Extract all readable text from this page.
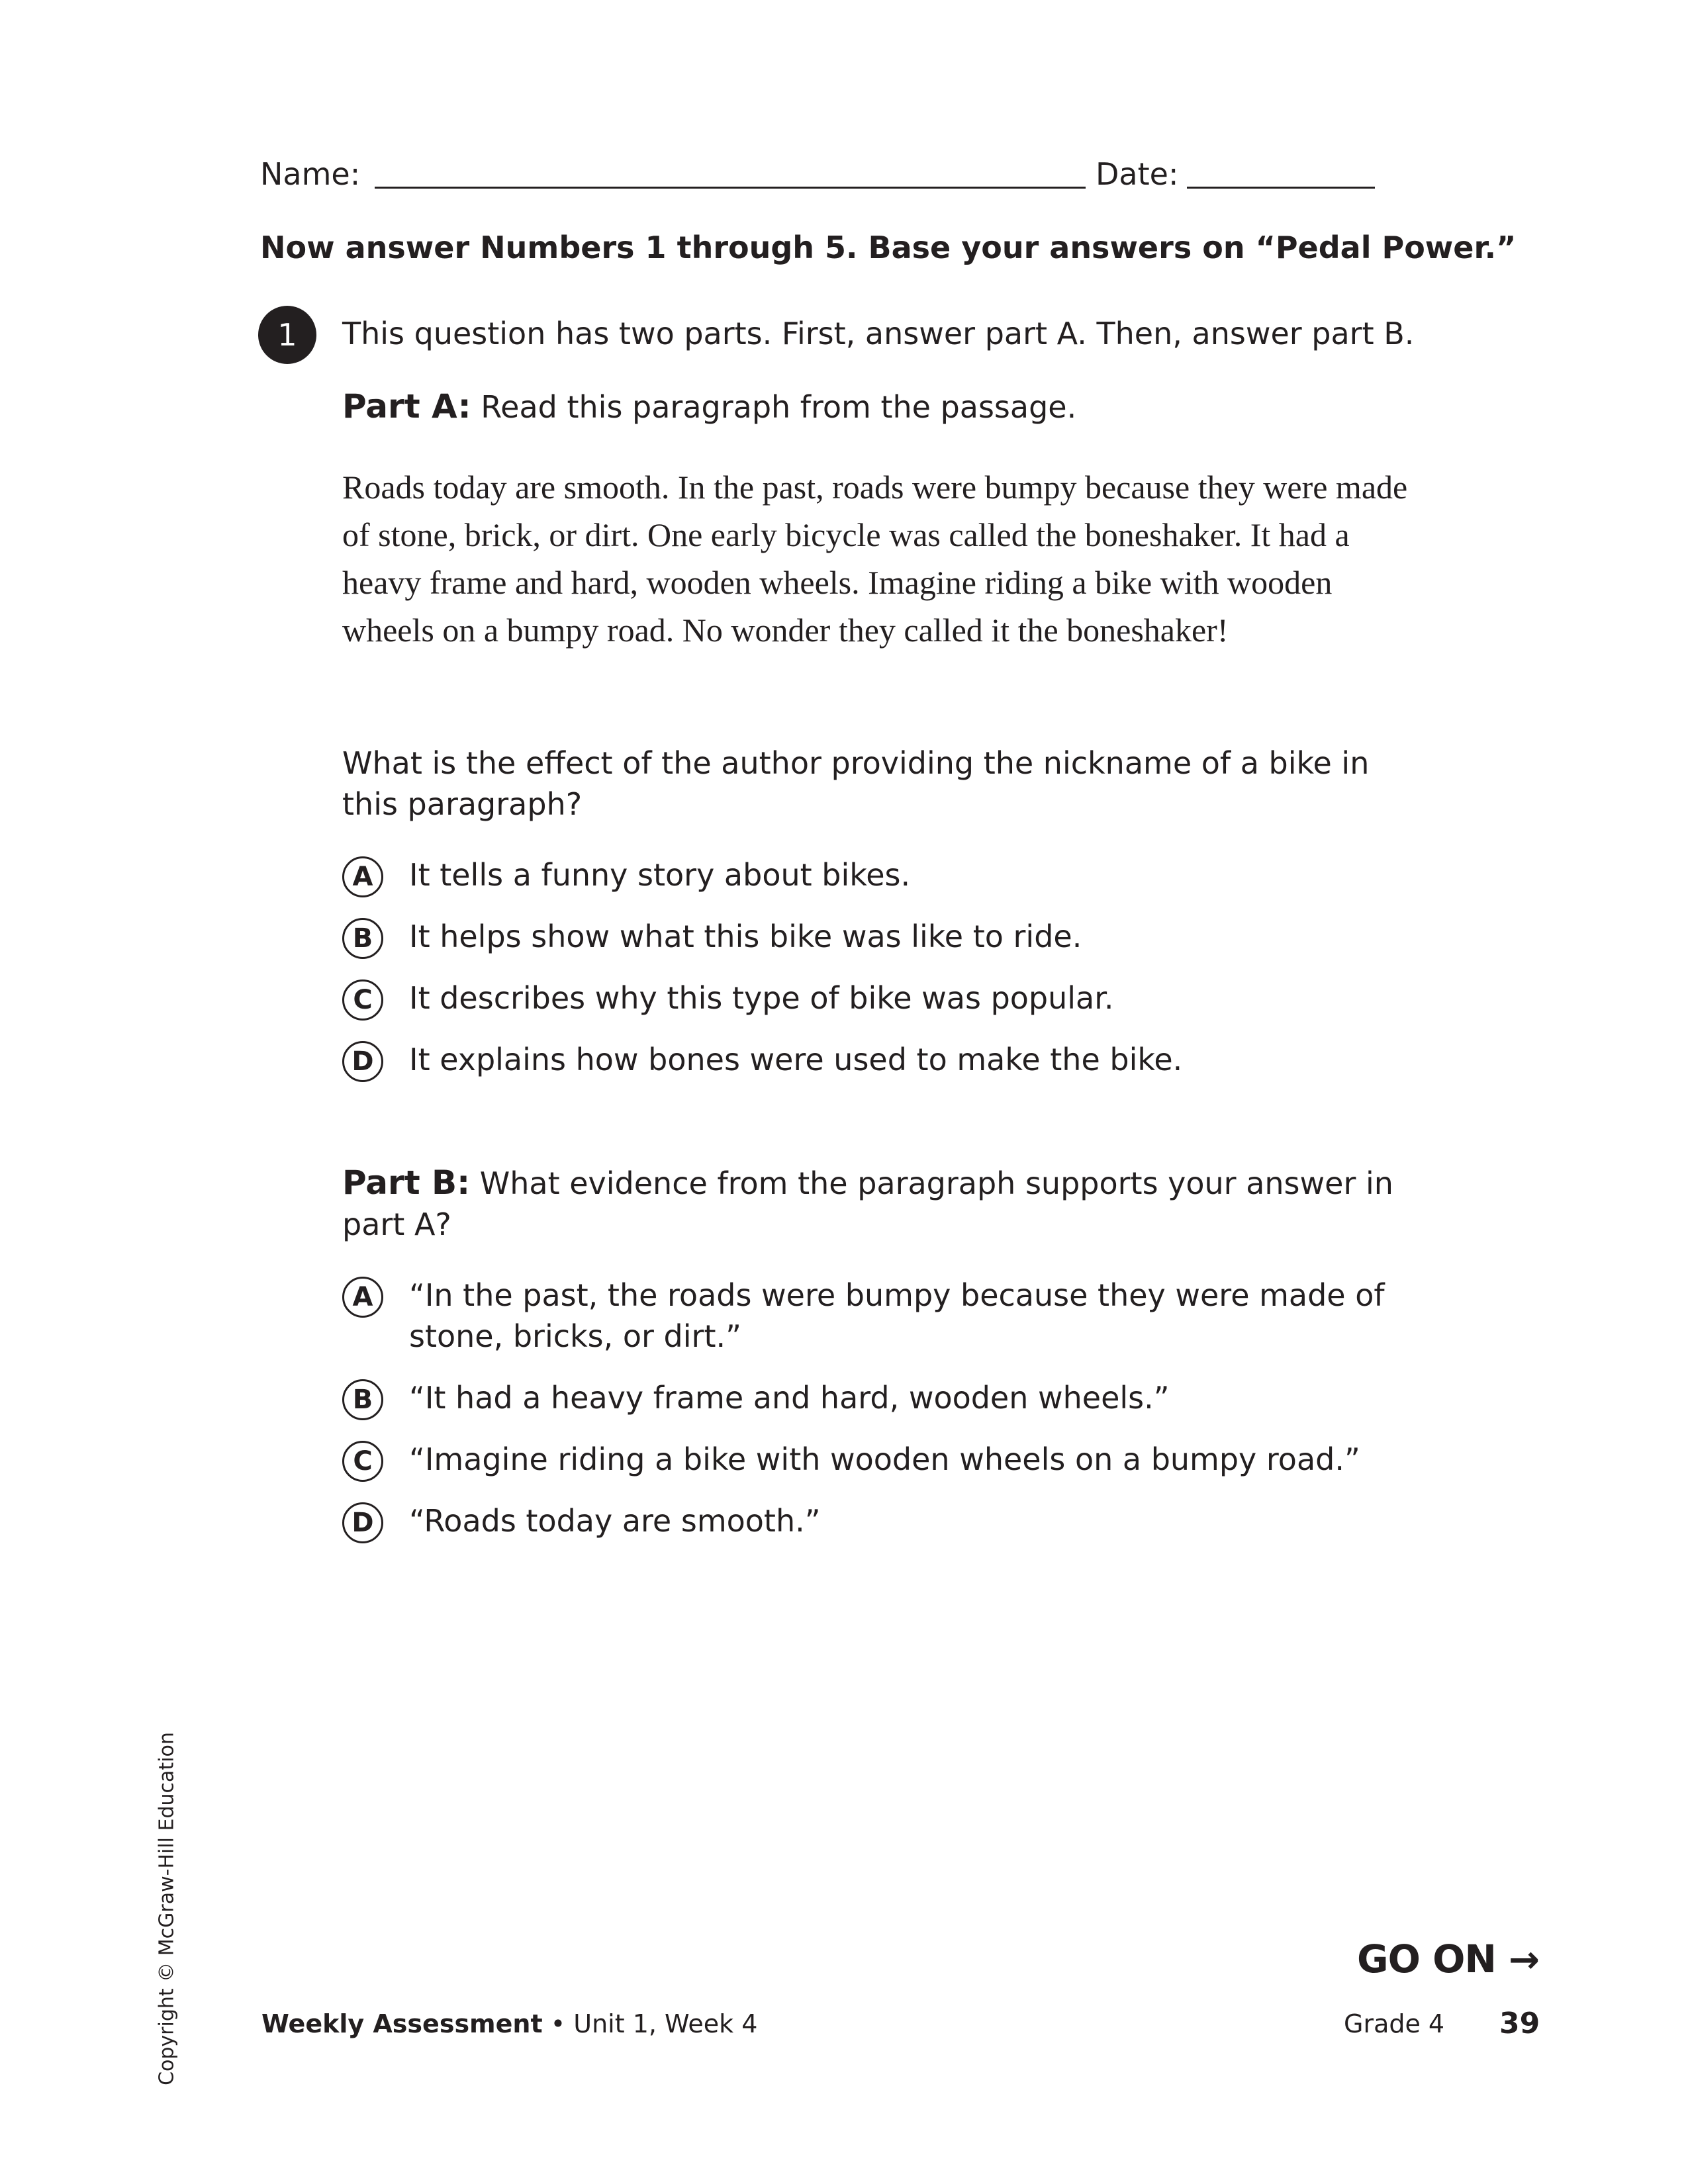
Name:	Date:
Now answer Numbers 1 through 5. Base your answers on “Pedal Power.”
1	This question has two parts. First, answer part A. Then, answer part B.
Part A: Read this paragraph from the passage.

Roads today are smooth. In the past, roads were bumpy because they were made of stone, brick, or dirt. One early bicycle was called the boneshaker. It had a heavy frame and hard, wooden wheels. Imagine riding a bike with wooden wheels on a bumpy road. No wonder they called it the boneshaker!

What is the effect of the author providing the nickname of a bike in this paragraph?
A	It tells a funny story about bikes.
B	It helps show what this bike was like to ride.
C	It describes why this type of bike was popular.
D	It explains how bones were used to make the bike.
Part B: What evidence from the paragraph supports your answer in part A?
A	“In the past, the roads were bumpy because they were made of stone, bricks, or dirt.”
B	“It had a heavy frame and hard, wooden wheels.”
C	“Imagine riding a bike with wooden wheels on a bumpy road.”
D	“Roads today are smooth.”
Copyright © McGraw-Hill Education	GO ON →
Weekly Assessment • Unit 1, Week 4	Grade 4 39
